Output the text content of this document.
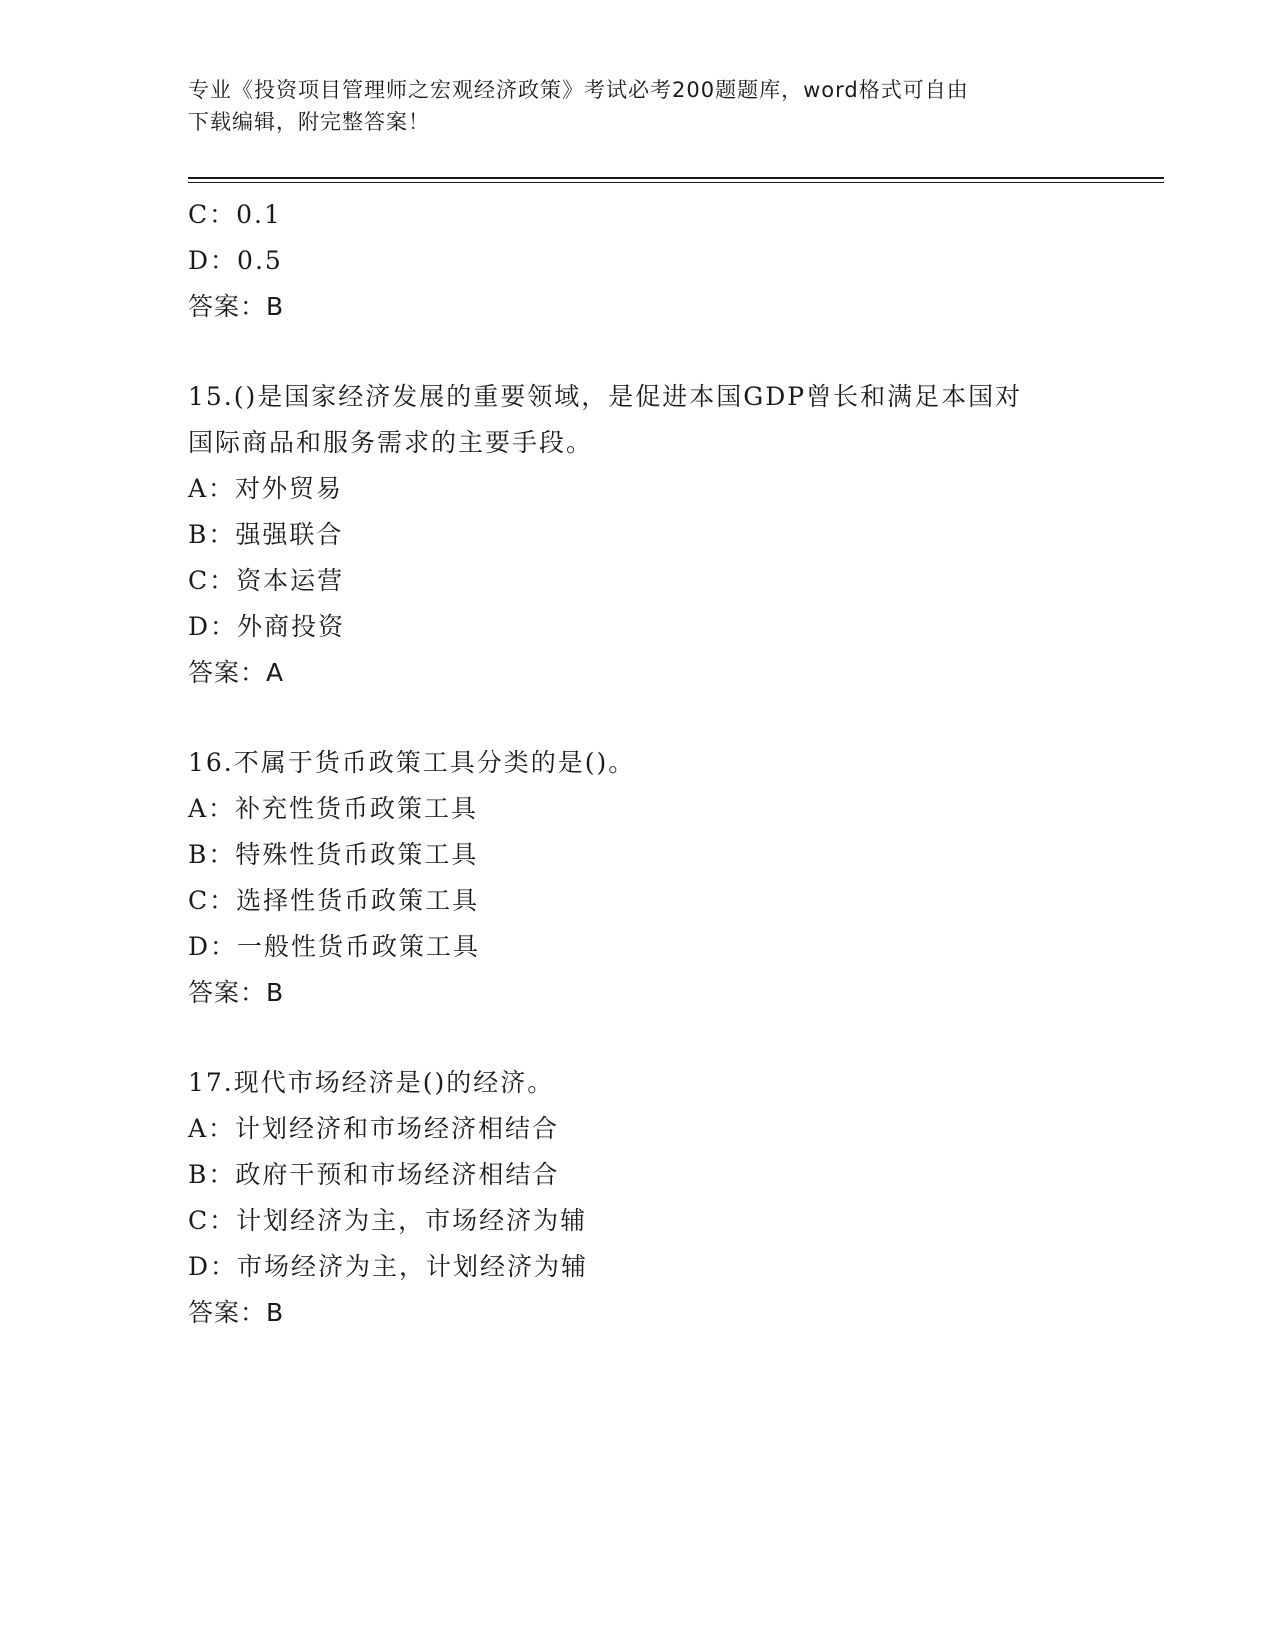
专业《投资项目管理师之宏观经济政策》考试必考200题题库，word格式可自由
下载编辑，附完整答案！
C：0.1
D：0.5
答案：B
15.()是国家经济发展的重要领域，是促进本国GDP曾长和满足本国对
国际商品和服务需求的主要手段。
A：对外贸易
B：强强联合
C：资本运营
D：外商投资
答案：A
16.不属于货币政策工具分类的是()。
A：补充性货币政策工具
B：特殊性货币政策工具
C：选择性货币政策工具
D：一般性货币政策工具
答案：B
17.现代市场经济是()的经济。
A：计划经济和市场经济相结合
B：政府干预和市场经济相结合
C：计划经济为主，市场经济为辅
D：市场经济为主，计划经济为辅
答案：B
